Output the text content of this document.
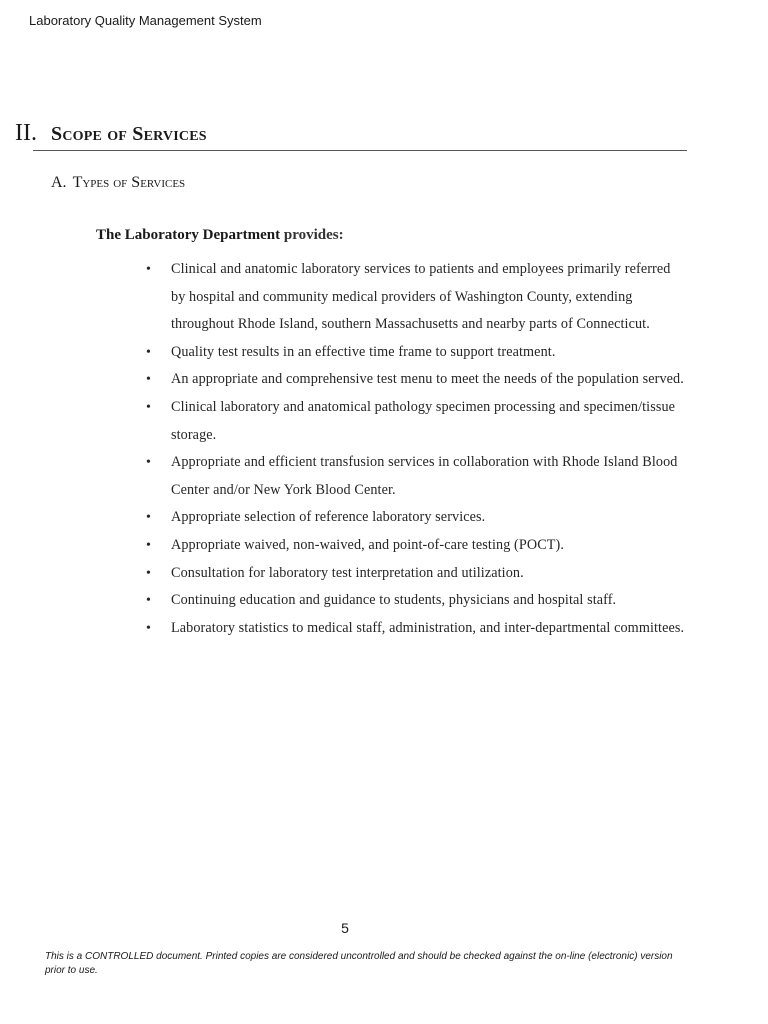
Laboratory Quality Management System
II. Scope of Services
A. Types of Services
The Laboratory Department provides:
• Clinical and anatomic laboratory services to patients and employees primarily referred by hospital and community medical providers of Washington County, extending throughout Rhode Island, southern Massachusetts and nearby parts of Connecticut.
• Quality test results in an effective time frame to support treatment.
• An appropriate and comprehensive test menu to meet the needs of the population served.
• Clinical laboratory and anatomical pathology specimen processing and specimen/tissue storage.
• Appropriate and efficient transfusion services in collaboration with Rhode Island Blood Center and/or New York Blood Center.
• Appropriate selection of reference laboratory services.
• Appropriate waived, non-waived, and point-of-care testing (POCT).
• Consultation for laboratory test interpretation and utilization.
• Continuing education and guidance to students, physicians and hospital staff.
• Laboratory statistics to medical staff, administration, and inter-departmental committees.
5
This is a CONTROLLED document. Printed copies are considered uncontrolled and should be checked against the on-line (electronic) version prior to use.
